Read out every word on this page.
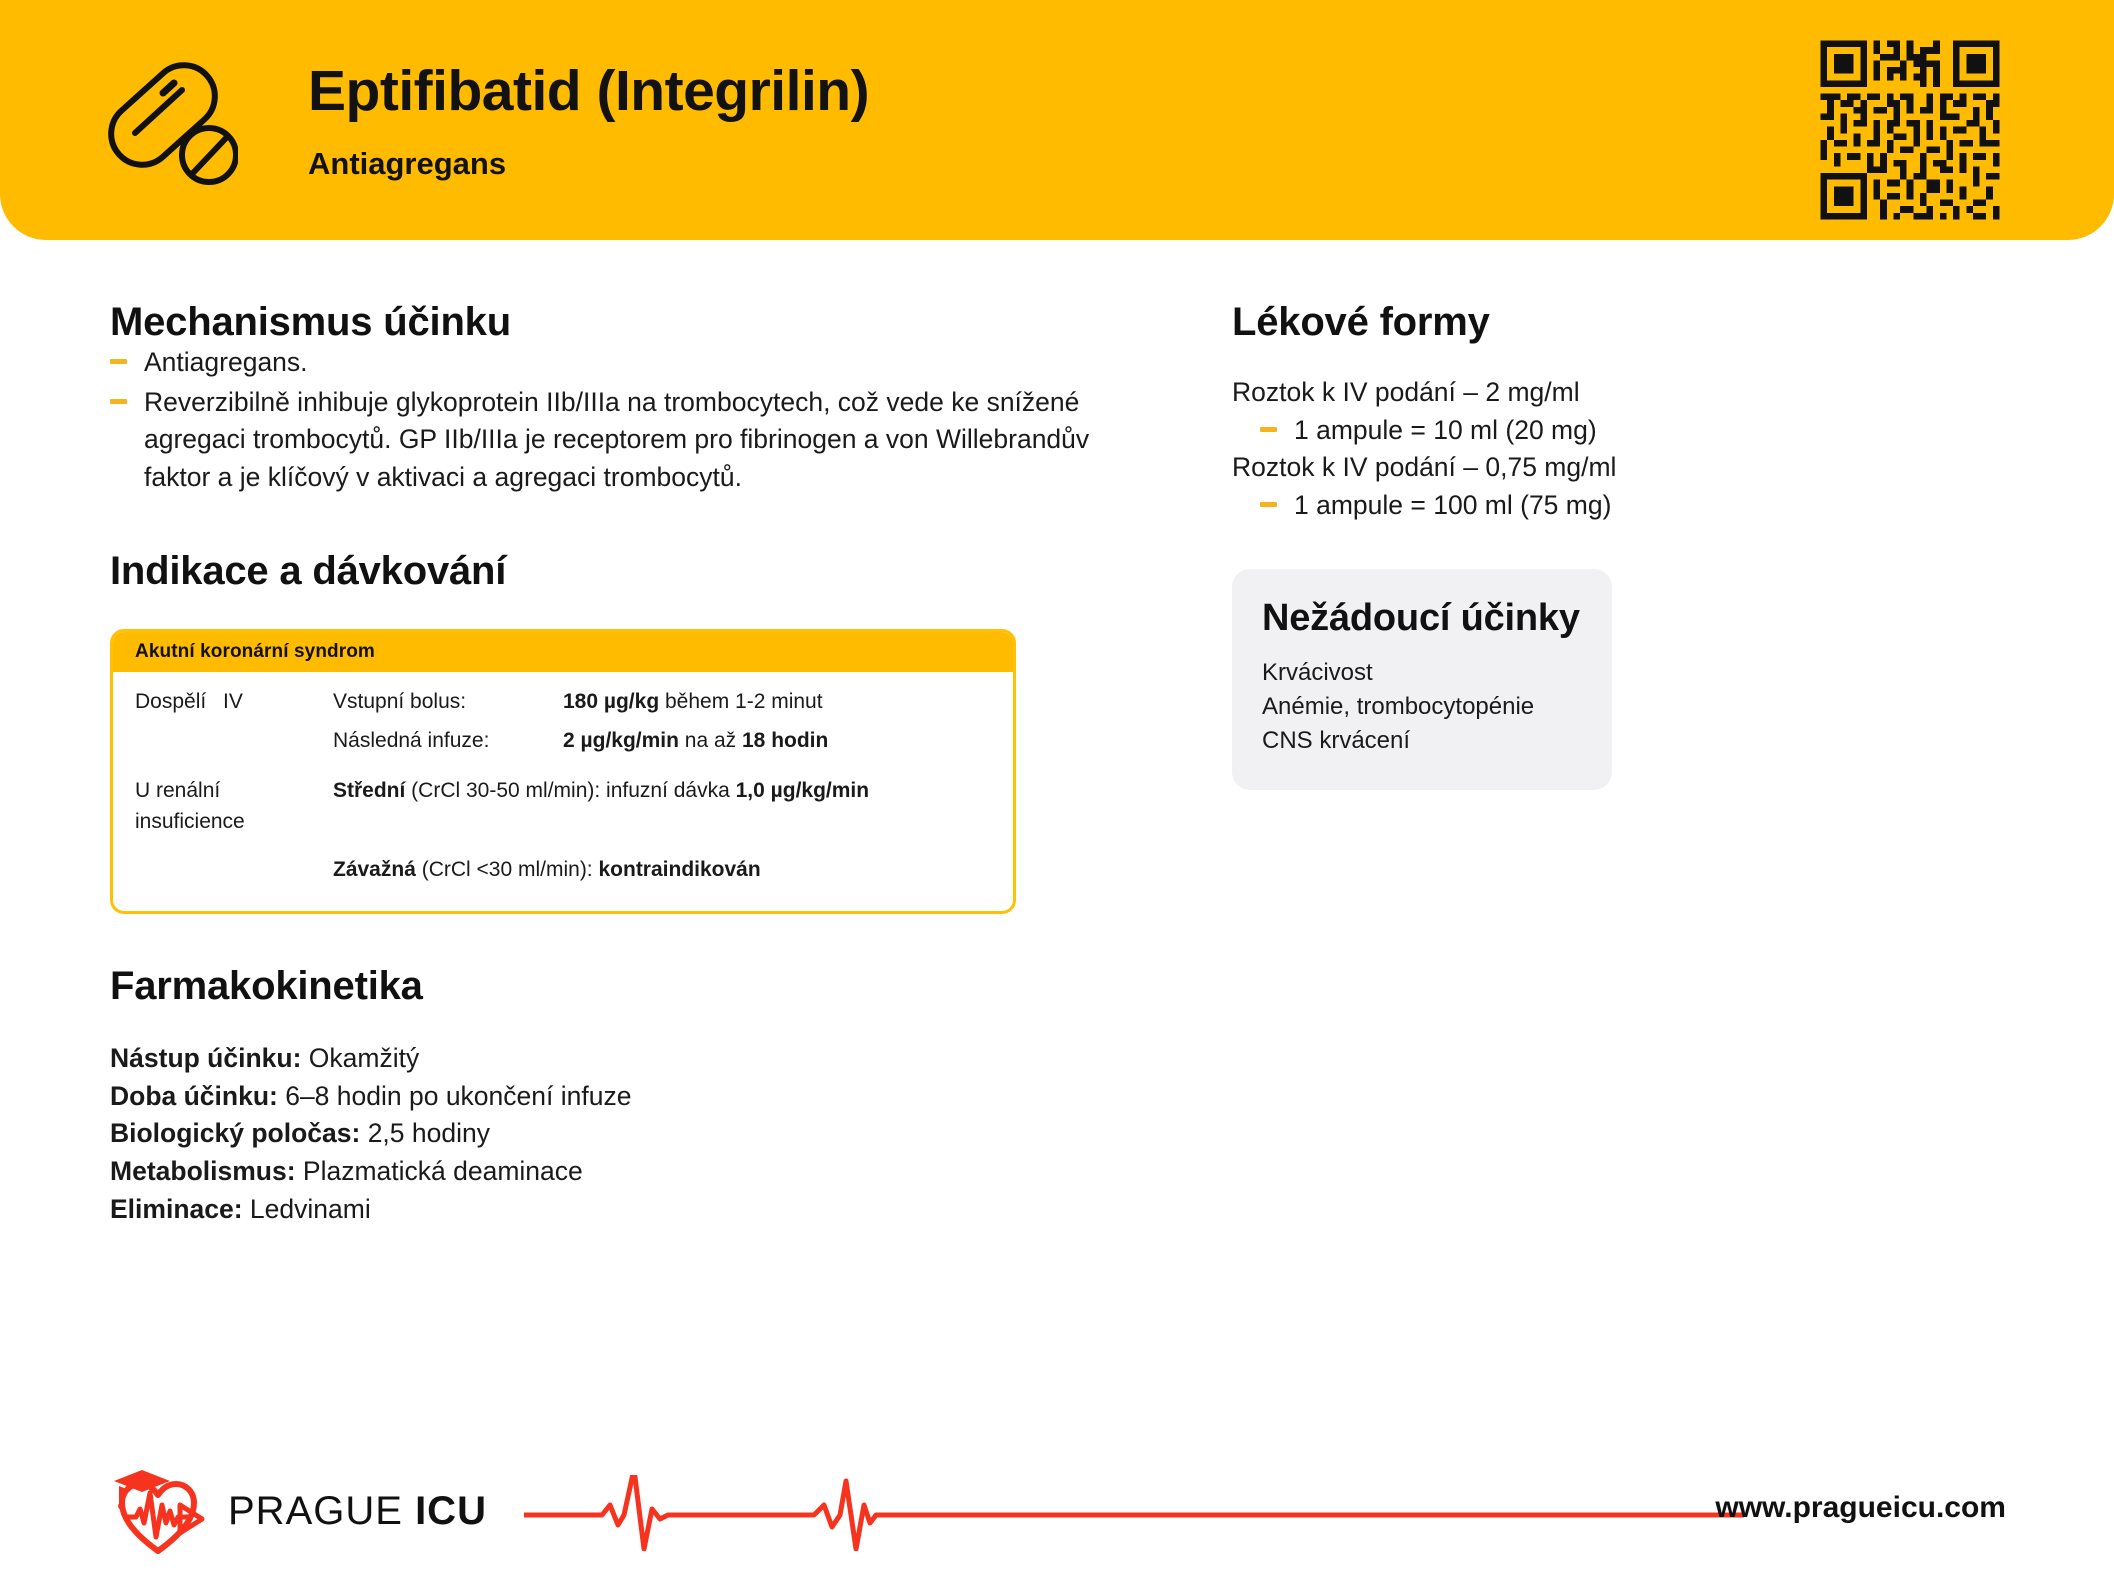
Eptifibatid (Integrilin)

Antiagregans

Mechanismus účinku
Antiagregans.
Reverzibilně inhibuje glykoprotein IIb/IIIa na trombocytech, což vede ke snížené agregaci trombocytů. GP IIb/IIIa je receptorem pro fibrinogen a von Willebrandův faktor a je klíčový v aktivaci a agregaci trombocytů.
Indikace a dávkování
Akutní koronární syndrom
Dospělí IV	Vstupní bolus:	180 µg/kg během 1-2 minut
Následná infuze:	2 µg/kg/min na až 18 hodin
U renální insuficience
Střední (CrCl 30-50 ml/min): infuzní dávka 1,0 µg/kg/min
Závažná (CrCl <30 ml/min): kontraindikován
Farmakokinetika
Nástup účinku: Okamžitý
Doba účinku: 6–8 hodin po ukončení infuze
Biologický poločas: 2,5 hodiny
Metabolismus: Plazmatická deaminace
Eliminace: Ledvinami
Lékové formy
Roztok k IV podání – 2 mg/ml
1 ampule = 10 ml (20 mg)
Roztok k IV podání – 0,75 mg/ml
1 ampule = 100 ml (75 mg)
Nežádoucí účinky
Krvácivost
Anémie, trombocytopénie
CNS krvácení
PRAGUE ICU	www.pragueicu.com
